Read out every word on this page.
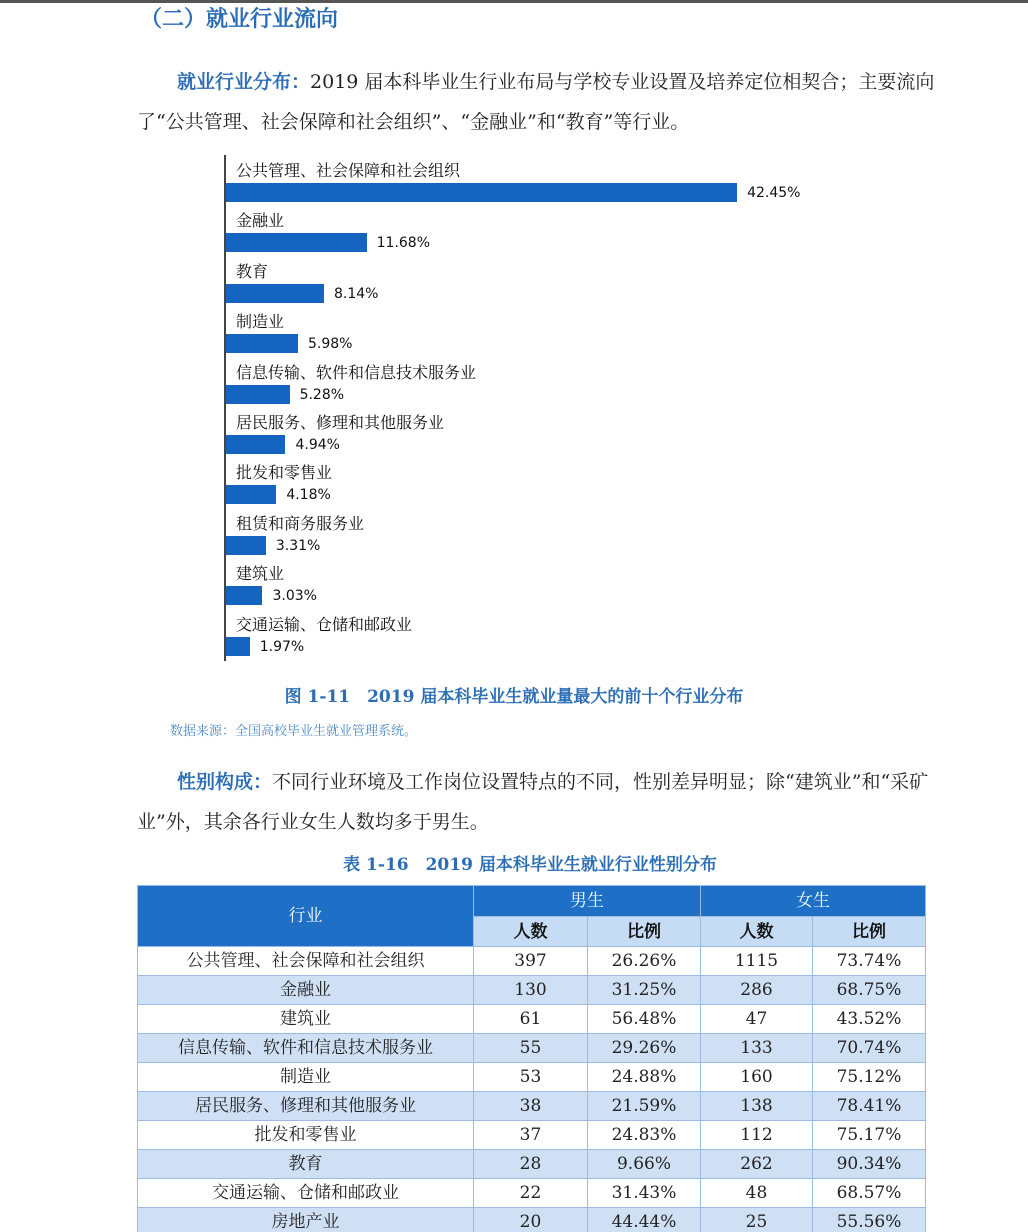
（二）就业行业流向
就业行业分布：2019 届本科毕业生行业布局与学校专业设置及培养定位相契合；主要流向了“公共管理、社会保障和社会组织”、“金融业”和“教育”等行业。
公共管理、社会保障和社会组织
42.45%
金融业
11.68%
教育
8.14%
制造业
5.98%
信息传输、软件和信息技术服务业
5.28%
居民服务、修理和其他服务业
4.94%
批发和零售业
4.18%
租赁和商务服务业
3.31%
建筑业
3.03%
交通运输、仓储和邮政业
1.97%
图 1-11　2019 届本科毕业生就业量最大的前十个行业分布
数据来源：全国高校毕业生就业管理系统。
性别构成：不同行业环境及工作岗位设置特点的不同，性别差异明显；除“建筑业”和“采矿业”外，其余各行业女生人数均多于男生。
表 1-16　2019 届本科毕业生就业行业性别分布
行业	男生		女生	
	人数	比例	人数	比例
公共管理、社会保障和社会组织	397	26.26%	1115	73.74%
金融业	130	31.25%	286	68.75%
建筑业	61	56.48%	47	43.52%
信息传输、软件和信息技术服务业	55	29.26%	133	70.74%
制造业	53	24.88%	160	75.12%
居民服务、修理和其他服务业	38	21.59%	138	78.41%
批发和零售业	37	24.83%	112	75.17%
教育	28	9.66%	262	90.34%
交通运输、仓储和邮政业	22	31.43%	48	68.57%
房地产业	20	44.44%	25	55.56%
